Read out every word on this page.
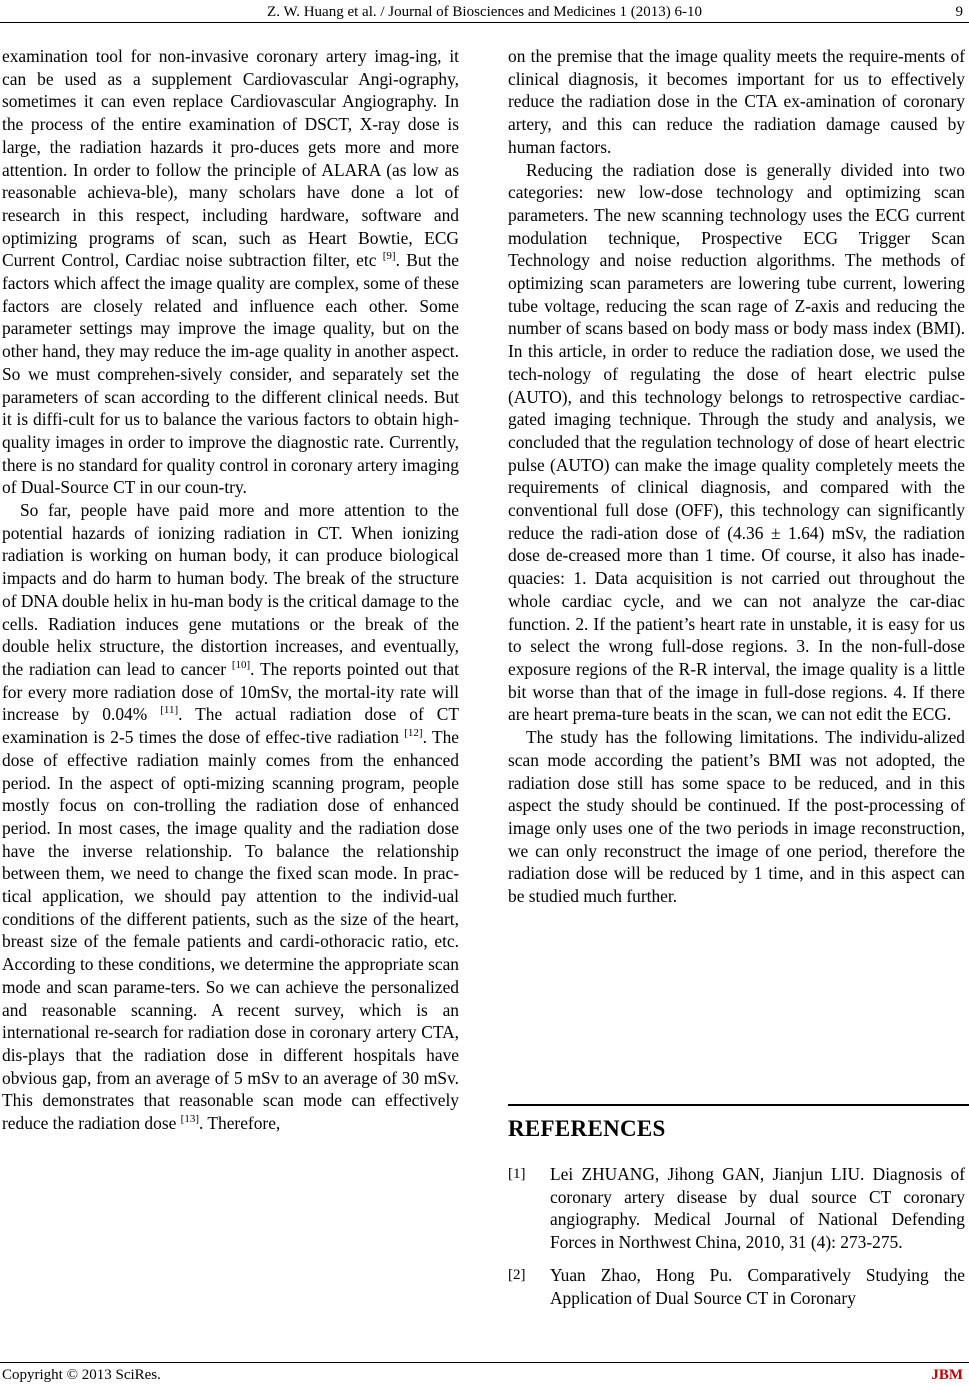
Z. W. Huang et al. / Journal of Biosciences and Medicines 1 (2013) 6-10	9

examination tool for non-invasive coronary artery imag-ing, it can be used as a supplement Cardiovascular Angi-ography, sometimes it can even replace Cardiovascular Angiography. In the process of the entire examination of DSCT, X-ray dose is large, the radiation hazards it pro-duces gets more and more attention. In order to follow the principle of ALARA (as low as reasonable achieva-ble), many scholars have done a lot of research in this respect, including hardware, software and optimizing programs of scan, such as Heart Bowtie, ECG Current Control, Cardiac noise subtraction filter, etc [9]. But the factors which affect the image quality are complex, some of these factors are closely related and influence each other. Some parameter settings may improve the image quality, but on the other hand, they may reduce the im-age quality in another aspect. So we must comprehen-sively consider, and separately set the parameters of scan according to the different clinical needs. But it is diffi-cult for us to balance the various factors to obtain high-quality images in order to improve the diagnostic rate. Currently, there is no standard for quality control in coronary artery imaging of Dual-Source CT in our coun-try.

So far, people have paid more and more attention to the potential hazards of ionizing radiation in CT. When ionizing radiation is working on human body, it can produce biological impacts and do harm to human body. The break of the structure of DNA double helix in hu-man body is the critical damage to the cells. Radiation induces gene mutations or the break of the double helix structure, the distortion increases, and eventually, the radiation can lead to cancer [10]. The reports pointed out that for every more radiation dose of 10mSv, the mortal-ity rate will increase by 0.04% [11]. The actual radiation dose of CT examination is 2-5 times the dose of effec-tive radiation [12]. The dose of effective radiation mainly comes from the enhanced period. In the aspect of opti-mizing scanning program, people mostly focus on con-trolling the radiation dose of enhanced period. In most cases, the image quality and the radiation dose have the inverse relationship. To balance the relationship between them, we need to change the fixed scan mode. In prac-tical application, we should pay attention to the individ-ual conditions of the different patients, such as the size of the heart, breast size of the female patients and cardi-othoracic ratio, etc. According to these conditions, we determine the appropriate scan mode and scan parame-ters. So we can achieve the personalized and reasonable scanning. A recent survey, which is an international re-search for radiation dose in coronary artery CTA, dis-plays that the radiation dose in different hospitals have obvious gap, from an average of 5 mSv to an average of 30 mSv. This demonstrates that reasonable scan mode can effectively reduce the radiation dose [13]. Therefore,

on the premise that the image quality meets the require-ments of clinical diagnosis, it becomes important for us to effectively reduce the radiation dose in the CTA ex-amination of coronary artery, and this can reduce the radiation damage caused by human factors.

Reducing the radiation dose is generally divided into two categories: new low-dose technology and optimizing scan parameters. The new scanning technology uses the ECG current modulation technique, Prospective ECG Trigger Scan Technology and noise reduction algorithms. The methods of optimizing scan parameters are lowering tube current, lowering tube voltage, reducing the scan rage of Z-axis and reducing the number of scans based on body mass or body mass index (BMI). In this article, in order to reduce the radiation dose, we used the tech-nology of regulating the dose of heart electric pulse (AUTO), and this technology belongs to retrospective cardiac-gated imaging technique. Through the study and analysis, we concluded that the regulation technology of dose of heart electric pulse (AUTO) can make the image quality completely meets the requirements of clinical diagnosis, and compared with the conventional full dose (OFF), this technology can significantly reduce the radi-ation dose of (4.36 ± 1.64) mSv, the radiation dose de-creased more than 1 time. Of course, it also has inade-quacies: 1. Data acquisition is not carried out throughout the whole cardiac cycle, and we can not analyze the car-diac function. 2. If the patient’s heart rate in unstable, it is easy for us to select the wrong full-dose regions. 3. In the non-full-dose exposure regions of the R-R interval, the image quality is a little bit worse than that of the image in full-dose regions. 4. If there are heart prema-ture beats in the scan, we can not edit the ECG.

The study has the following limitations. The individu-alized scan mode according the patient’s BMI was not adopted, the radiation dose still has some space to be reduced, and in this aspect the study should be continued. If the post-processing of image only uses one of the two periods in image reconstruction, we can only reconstruct the image of one period, therefore the radiation dose will be reduced by 1 time, and in this aspect can be studied much further.

REFERENCES
[1] Lei ZHUANG, Jihong GAN, Jianjun LIU. Diagnosis of coronary artery disease by dual source CT coronary angiography. Medical Journal of National Defending Forces in Northwest China, 2010, 31 (4): 273-275.
[2] Yuan Zhao, Hong Pu. Comparatively Studying the Application of Dual Source CT in Coronary
Copyright © 2013 SciRes.	JBM
